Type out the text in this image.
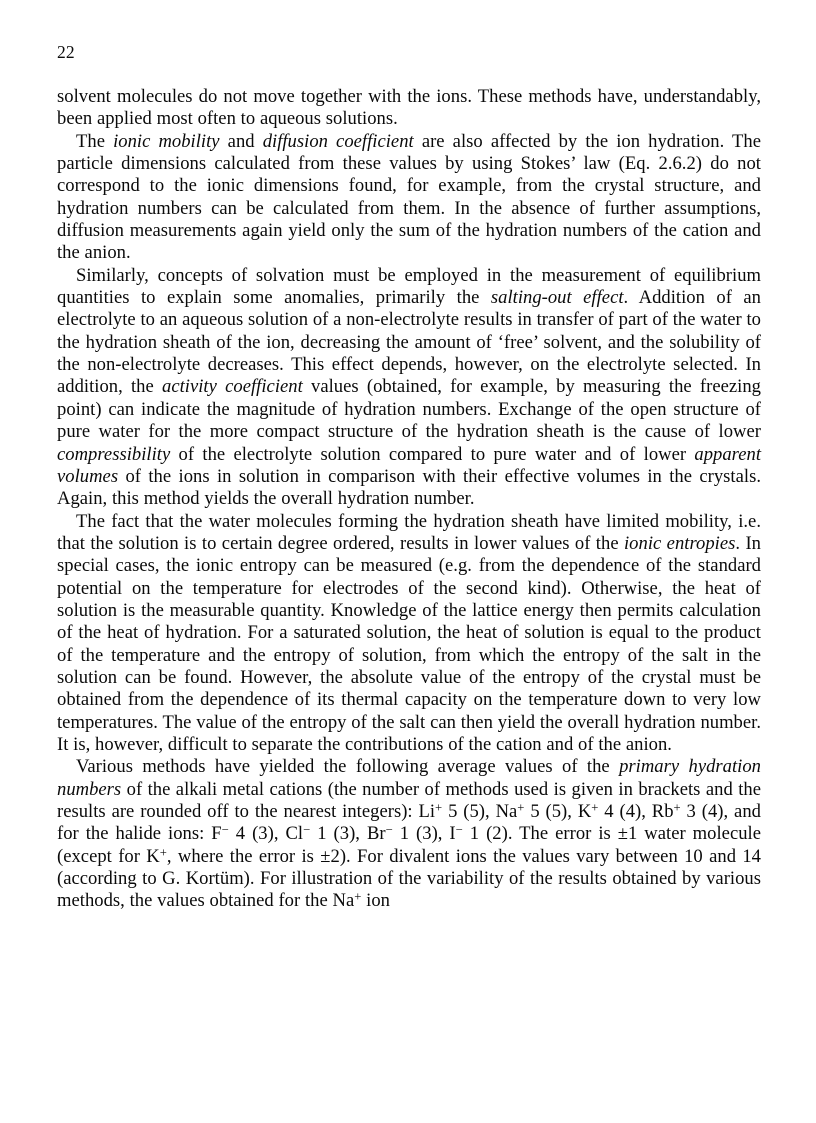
22

solvent molecules do not move together with the ions. These methods have, understandably, been applied most often to aqueous solutions.

The ionic mobility and diffusion coefficient are also affected by the ion hydration. The particle dimensions calculated from these values by using Stokes’ law (Eq. 2.6.2) do not correspond to the ionic dimensions found, for example, from the crystal structure, and hydration numbers can be calculated from them. In the absence of further assumptions, diffusion measurements again yield only the sum of the hydration numbers of the cation and the anion.

Similarly, concepts of solvation must be employed in the measurement of equilibrium quantities to explain some anomalies, primarily the salting-out effect. Addition of an electrolyte to an aqueous solution of a non-electrolyte results in transfer of part of the water to the hydration sheath of the ion, decreasing the amount of ‘free’ solvent, and the solubility of the non-electrolyte decreases. This effect depends, however, on the electrolyte selected. In addition, the activity coefficient values (obtained, for example, by measuring the freezing point) can indicate the magnitude of hydration numbers. Exchange of the open structure of pure water for the more compact structure of the hydration sheath is the cause of lower compressibility of the electrolyte solution compared to pure water and of lower apparent volumes of the ions in solution in comparison with their effective volumes in the crystals. Again, this method yields the overall hydration number.

The fact that the water molecules forming the hydration sheath have limited mobility, i.e. that the solution is to certain degree ordered, results in lower values of the ionic entropies. In special cases, the ionic entropy can be measured (e.g. from the dependence of the standard potential on the temperature for electrodes of the second kind). Otherwise, the heat of solution is the measurable quantity. Knowledge of the lattice energy then permits calculation of the heat of hydration. For a saturated solution, the heat of solution is equal to the product of the temperature and the entropy of solution, from which the entropy of the salt in the solution can be found. However, the absolute value of the entropy of the crystal must be obtained from the dependence of its thermal capacity on the temperature down to very low temperatures. The value of the entropy of the salt can then yield the overall hydration number. It is, however, difficult to separate the contributions of the cation and of the anion.

Various methods have yielded the following average values of the primary hydration numbers of the alkali metal cations (the number of methods used is given in brackets and the results are rounded off to the nearest integers): Li+ 5 (5), Na+ 5 (5), K+ 4 (4), Rb+ 3 (4), and for the halide ions: F− 4 (3), Cl− 1 (3), Br− 1 (3), I− 1 (2). The error is ±1 water molecule (except for K+, where the error is ±2). For divalent ions the values vary between 10 and 14 (according to G. Kortüm). For illustration of the variability of the results obtained by various methods, the values obtained for the Na+ ion
